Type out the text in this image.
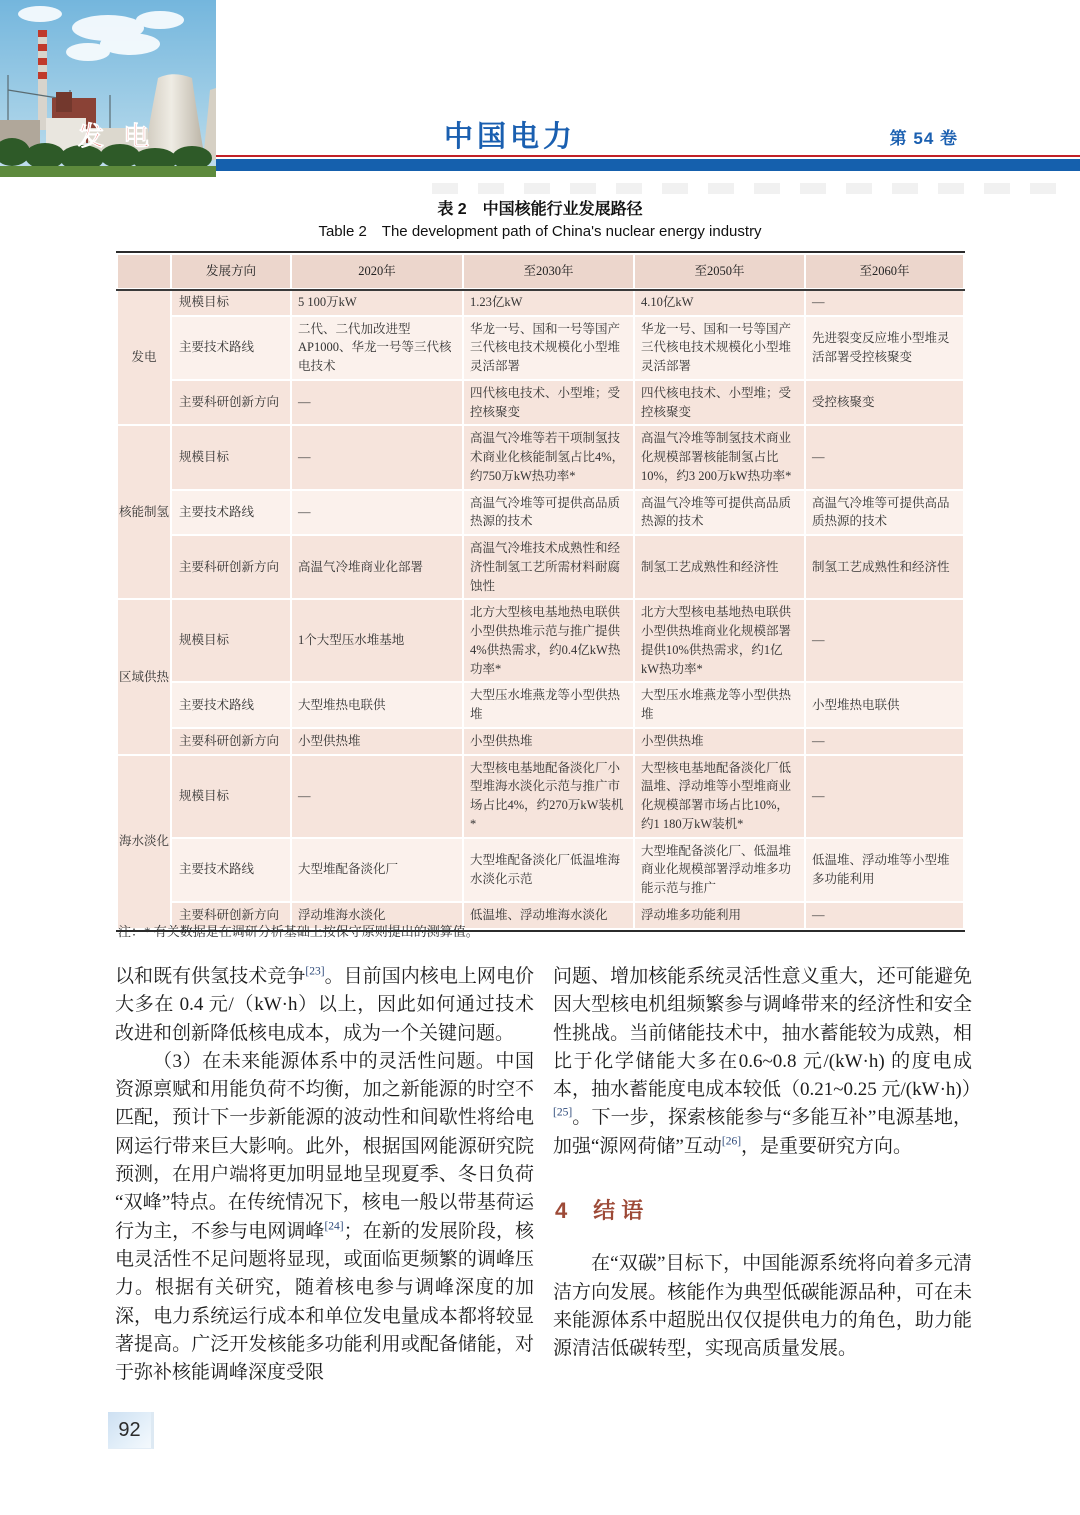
发 电	中国电力	第 54 卷
表 2　中国核能行业发展路径
Table 2　The development path of China's nuclear energy industry
	发展方向	2020年	至2030年	至2050年	至2060年
发电	规模目标	5 100万kW	1.23亿kW	4.10亿kW	—
	主要技术路线	二代、二代加改进型AP1000、华龙一号等三代核电技术	华龙一号、国和一号等国产三代核电技术规模化小型堆灵活部署	华龙一号、国和一号等国产三代核电技术规模化小型堆灵活部署	先进裂变反应堆小型堆灵活部署受控核聚变
	主要科研创新方向	—	四代核电技术、小型堆；受控核聚变	四代核电技术、小型堆；受控核聚变	受控核聚变
核能制氢	规模目标	—	高温气冷堆等若干项制氢技术商业化核能制氢占比4%，约750万kW热功率*	高温气冷堆等制氢技术商业化规模部署核能制氢占比10%，约3 200万kW热功率*	—
	主要技术路线	—	高温气冷堆等可提供高品质热源的技术	高温气冷堆等可提供高品质热源的技术	高温气冷堆等可提供高品质热源的技术
	主要科研创新方向	高温气冷堆商业化部署	高温气冷堆技术成熟性和经济性制氢工艺所需材料耐腐蚀性	制氢工艺成熟性和经济性	制氢工艺成熟性和经济性
区域供热	规模目标	1个大型压水堆基地	北方大型核电基地热电联供小型供热堆示范与推广提供4%供热需求，约0.4亿kW热功率*	北方大型核电基地热电联供小型供热堆商业化规模部署提供10%供热需求，约1亿kW热功率*	—
	主要技术路线	大型堆热电联供	大型压水堆燕龙等小型供热堆	大型压水堆燕龙等小型供热堆	小型堆热电联供
	主要科研创新方向	小型供热堆	小型供热堆	小型供热堆	—
海水淡化	规模目标	—	大型核电基地配备淡化厂小型堆海水淡化示范与推广市场占比4%，约270万kW装机*	大型核电基地配备淡化厂低温堆、浮动堆等小型堆商业化规模部署市场占比10%，约1 180万kW装机*	—
	主要技术路线	大型堆配备淡化厂	大型堆配备淡化厂低温堆海水淡化示范	大型堆配备淡化厂、低温堆商业化规模部署浮动堆多功能示范与推广	低温堆、浮动堆等小型堆多功能利用
	主要科研创新方向	浮动堆海水淡化	低温堆、浮动堆海水淡化	浮动堆多功能利用	—
注：* 有关数据是在调研分析基础上按保守原则提出的测算值。

以和既有供氢技术竞争[23]。目前国内核电上网电价大多在 0.4 元/（kW·h）以上，因此如何通过技术改进和创新降低核电成本，成为一个关键问题。

（3）在未来能源体系中的灵活性问题。中国资源禀赋和用能负荷不均衡，加之新能源的时空不匹配，预计下一步新能源的波动性和间歇性将给电网运行带来巨大影响。此外，根据国网能源研究院预测，在用户端将更加明显地呈现夏季、冬日负荷“双峰”特点。在传统情况下，核电一般以带基荷运行为主，不参与电网调峰[24]；在新的发展阶段，核电灵活性不足问题将显现，或面临更频繁的调峰压力。根据有关研究，随着核电参与调峰深度的加深，电力系统运行成本和单位发电量成本都将较显著提高。广泛开发核能多功能利用或配备储能，对于弥补核能调峰深度受限

问题、增加核能系统灵活性意义重大，还可能避免因大型核电机组频繁参与调峰带来的经济性和安全性挑战。当前储能技术中，抽水蓄能较为成熟，相比于化学储能大多在0.6~0.8 元/(kW·h) 的度电成本，抽水蓄能度电成本较低（0.21~0.25 元/(kW·h)）[25]。下一步，探索核能参与“多能互补”电源基地，加强“源网荷储”互动[26]，是重要研究方向。

4 结语

在“双碳”目标下，中国能源系统将向着多元清洁方向发展。核能作为典型低碳能源品种，可在未来能源体系中超脱出仅仅提供电力的角色，助力能源清洁低碳转型，实现高质量发展。

92
